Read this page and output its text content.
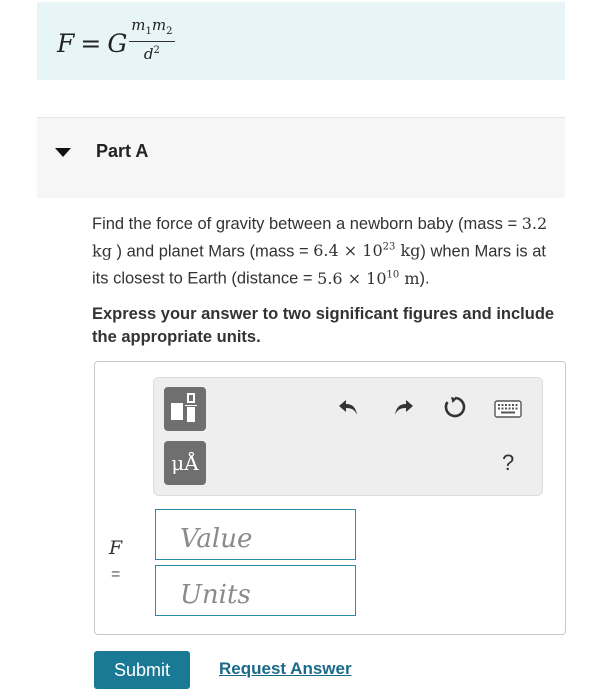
F = G $\frac{m_1m_2}{d^2}$
Part A
Find the force of gravity between a newborn baby (mass = 3.2 kg ) and planet Mars (mass = $6.4 \times 10^{23}$ kg) when Mars is at its closest to Earth (distance = $5.6 \times 10^{10}$ m).
Express your answer to two significant figures and include the appropriate units.
μÅ	?
F
=
Value
Units
Submit	Request Answer
